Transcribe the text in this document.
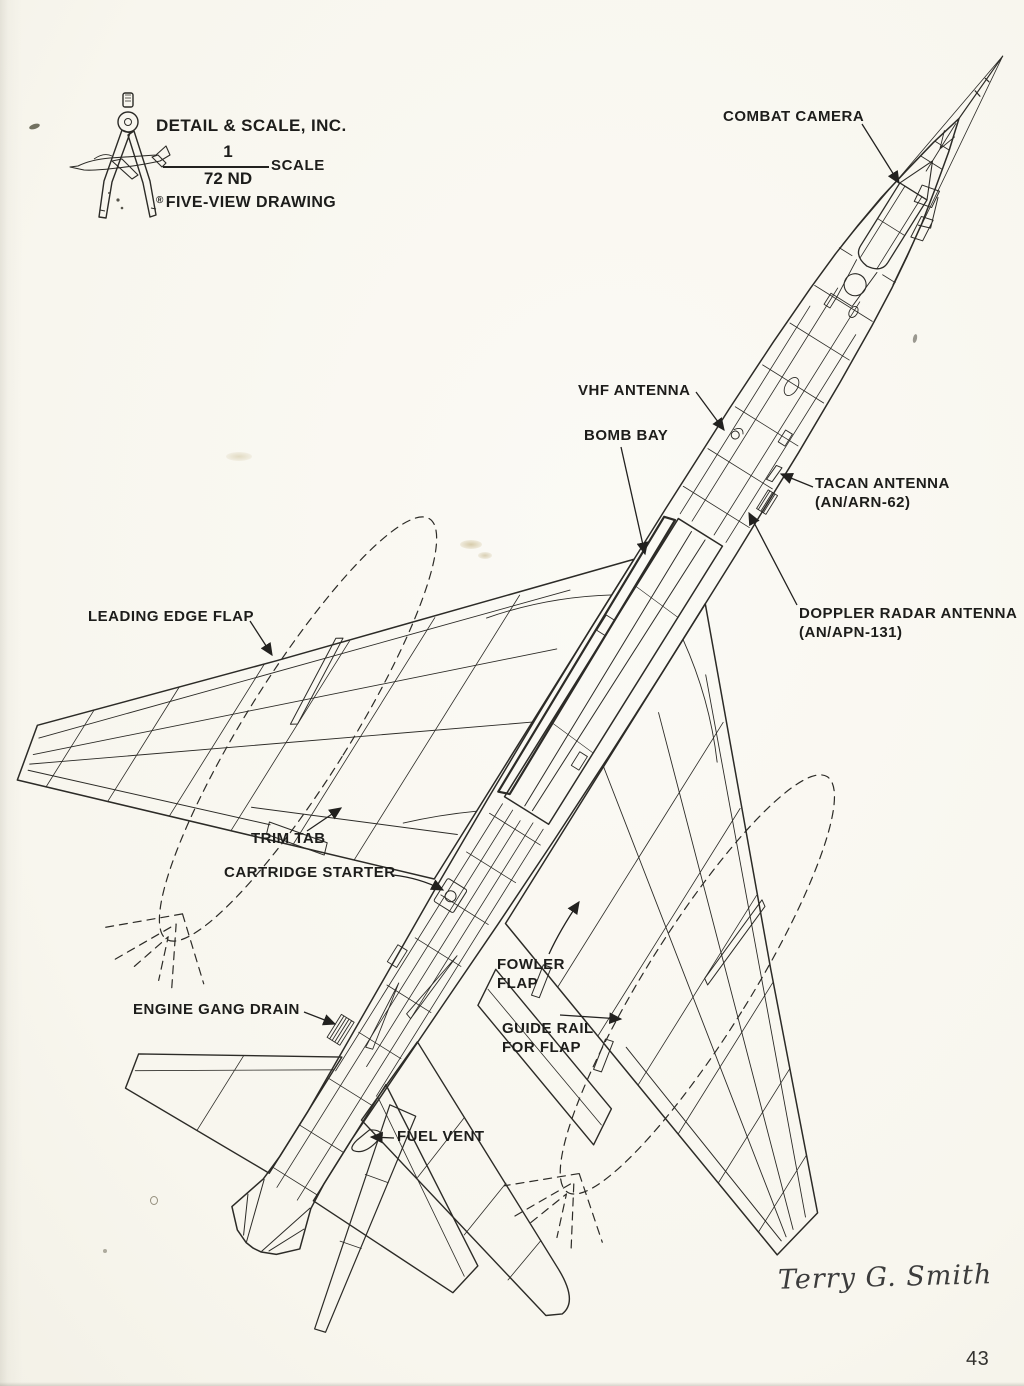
DETAIL & SCALE, INC.
1
72 ND
SCALE
® FIVE-VIEW DRAWING
COMBAT CAMERA
VHF ANTENNA
BOMB BAY
TACAN ANTENNA
(AN/ARN-62)
DOPPLER RADAR ANTENNA
(AN/APN-131)
LEADING EDGE FLAP
TRIM TAB
CARTRIDGE STARTER
ENGINE GANG DRAIN
FOWLER
FLAP
GUIDE RAIL
FOR FLAP
FUEL VENT
Terry G. Smith
43
